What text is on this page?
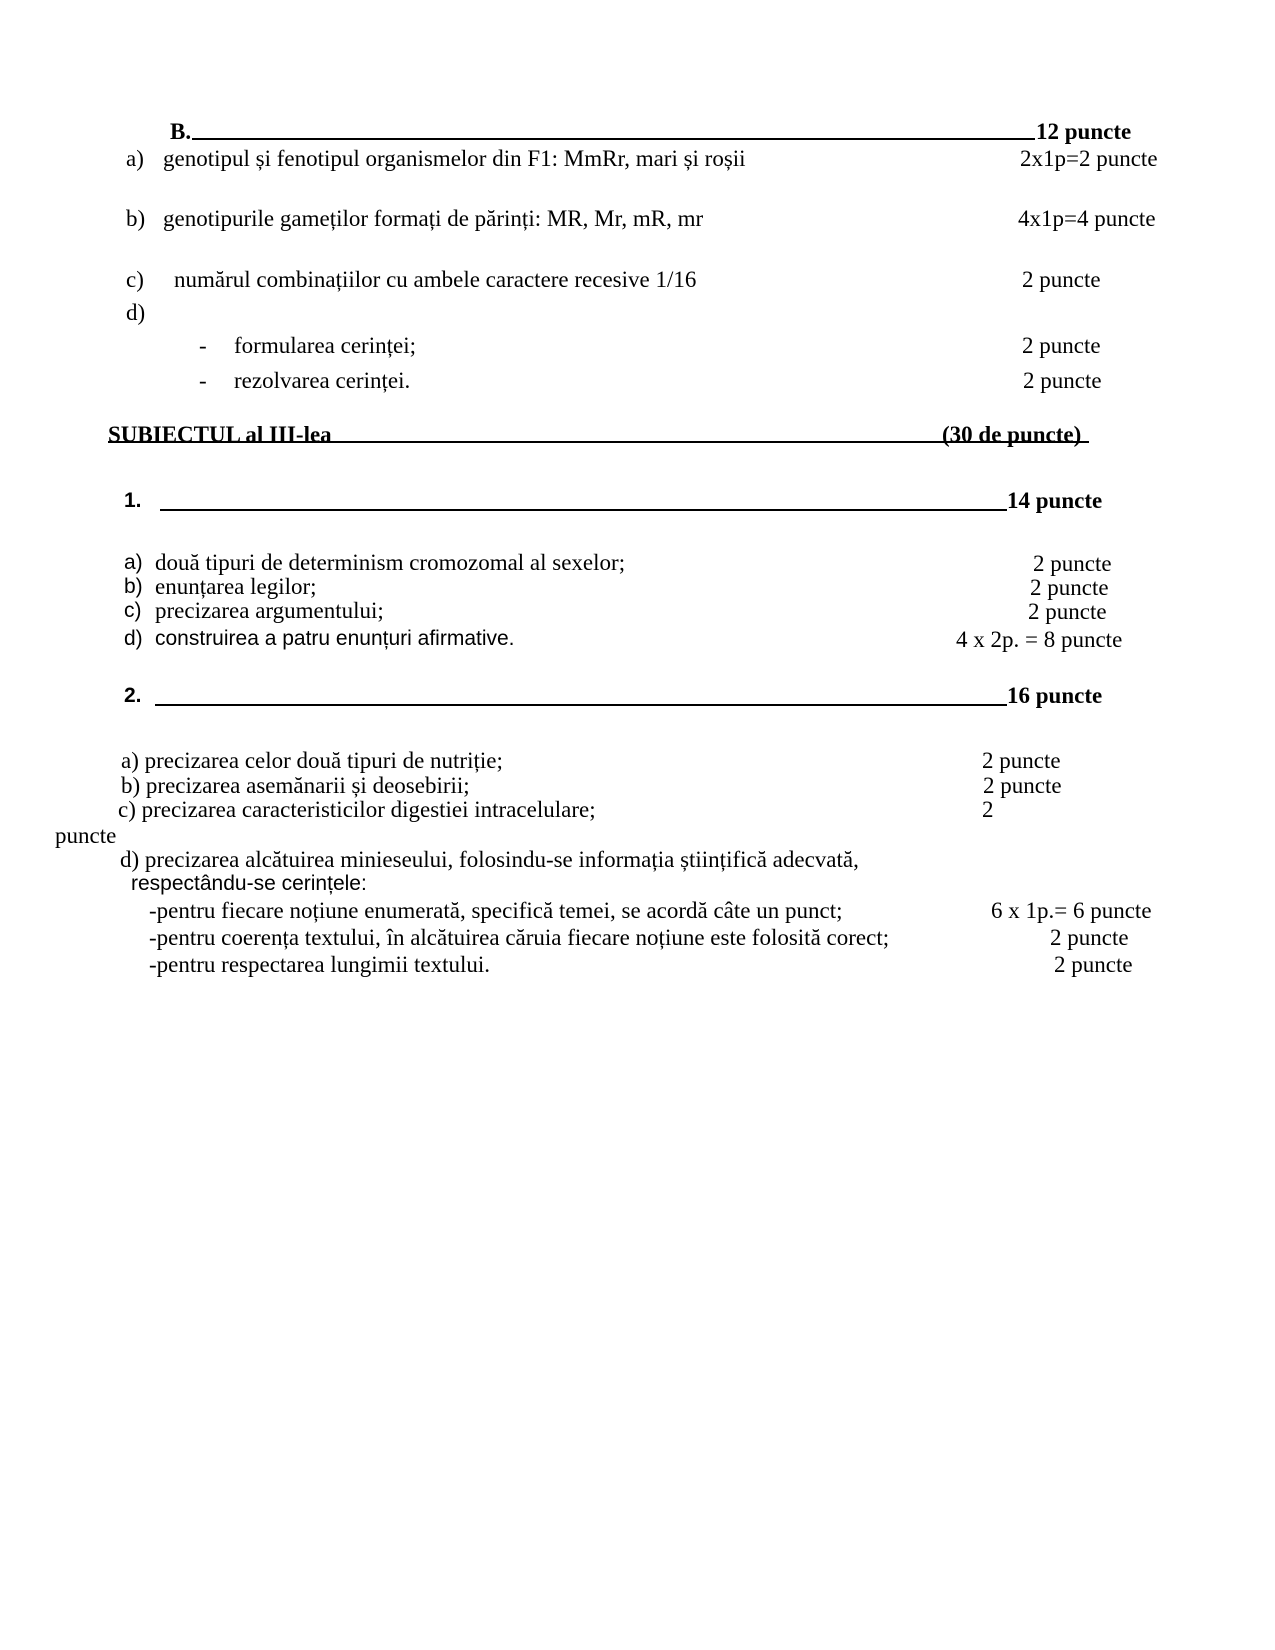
B.	12 puncte
a) genotipul și fenotipul organismelor din F1: MmRr, mari și roșii	2x1p=2 puncte
b) genotipurile gameților formați de părinți: MR, Mr, mR, mr	4x1p=4 puncte
c) numărul combinațiilor cu ambele caractere recesive 1/16	2 puncte
d)
- formularea cerinței;	2 puncte
- rezolvarea cerinței.	2 puncte
SUBIECTUL al III-lea	(30 de puncte)
1.	14 puncte
a) două tipuri de determinism cromozomal al sexelor;	2 puncte
b) enunțarea legilor;	2 puncte
c) precizarea argumentului;	2 puncte
d) construirea a patru enunțuri afirmative.	4 x 2p. = 8 puncte
2.	16 puncte
a) precizarea celor două tipuri de nutriție;	2 puncte
b) precizarea asemănarii și deosebirii;	2 puncte
c) precizarea caracteristicilor digestiei intracelulare;	2
puncte
d) precizarea alcătuirea minieseului, folosindu-se informația științifică adecvată,
respectându-se cerințele:
-pentru fiecare noțiune enumerată, specifică temei, se acordă câte un punct;	6 x 1p.= 6 puncte
-pentru coerența textului, în alcătuirea căruia fiecare noțiune este folosită corect;	2 puncte
-pentru respectarea lungimii textului.	2 puncte
